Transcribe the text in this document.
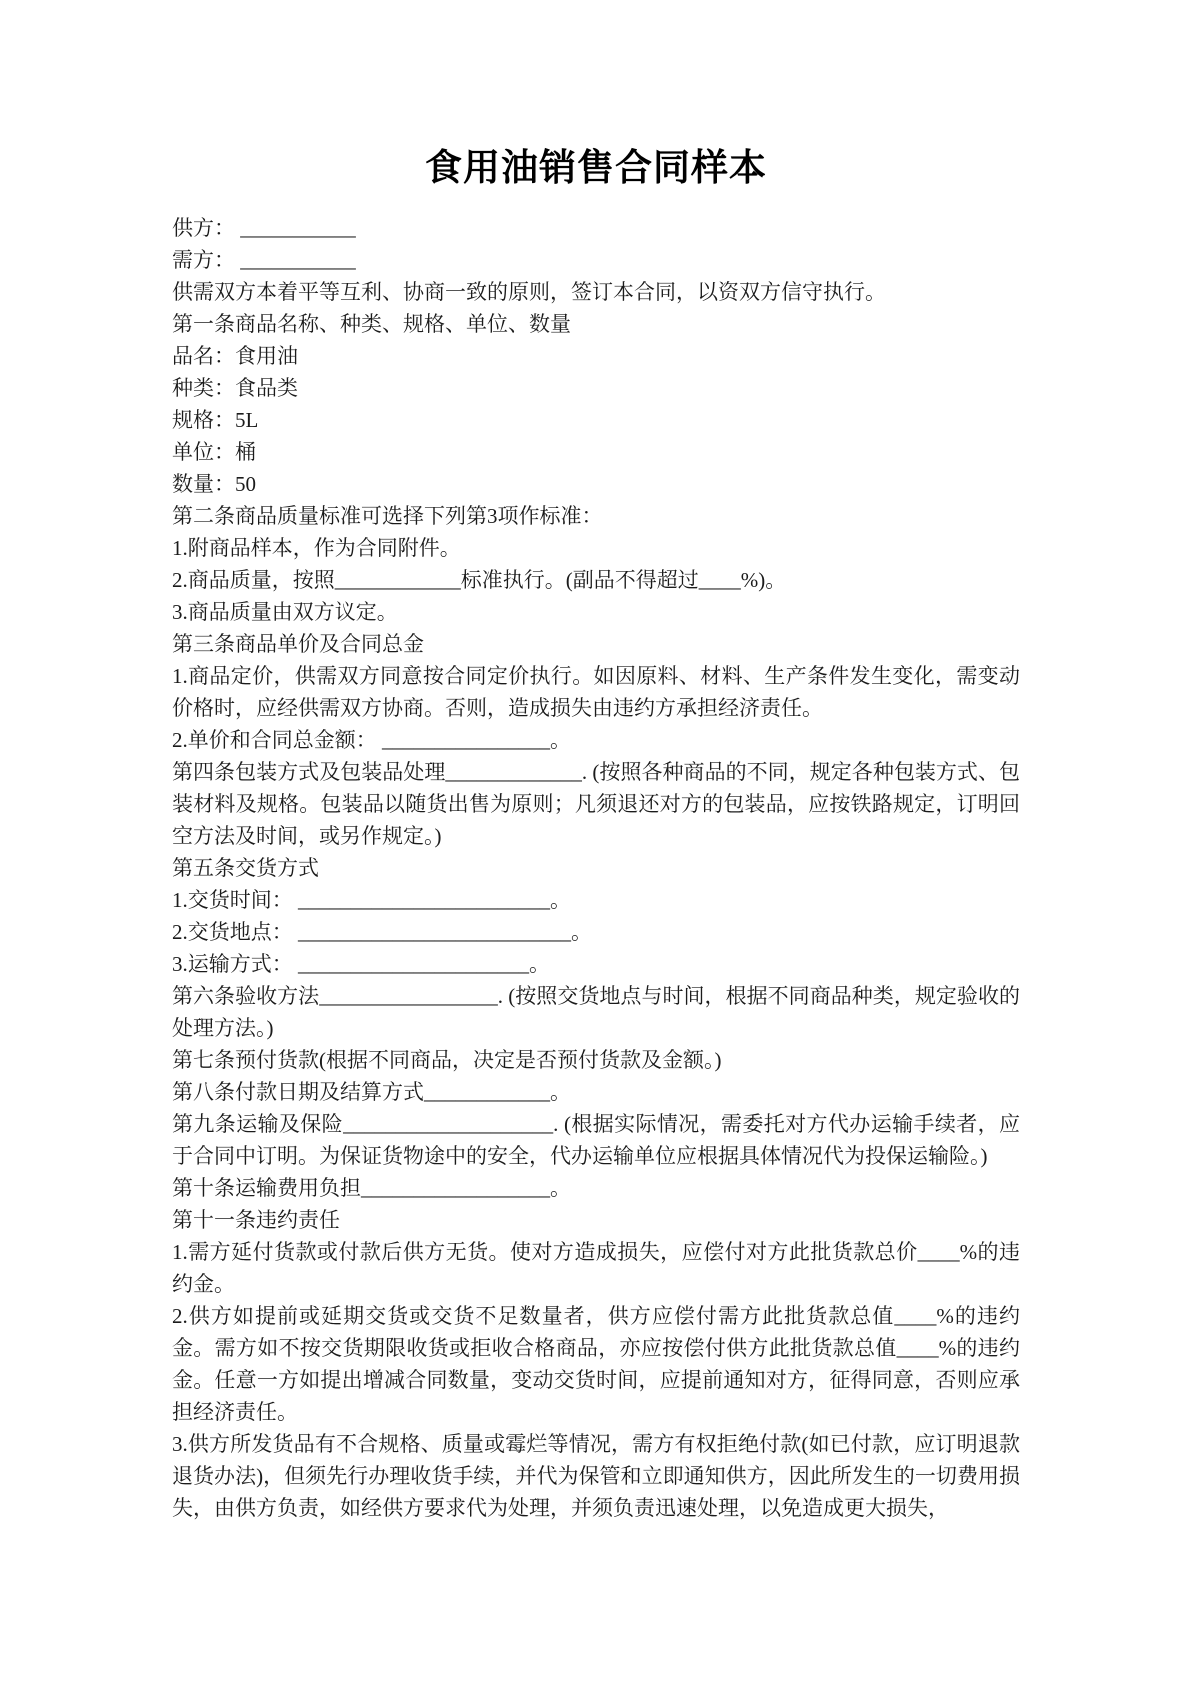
食用油销售合同样本

供方： ___________

需方： ___________

供需双方本着平等互利、协商一致的原则，签订本合同，以资双方信守执行。

第一条商品名称、种类、规格、单位、数量

品名：食用油

种类：食品类

规格：5L

单位：桶

数量：50

第二条商品质量标准可选择下列第3项作标准：

1.附商品样本，作为合同附件。

2.商品质量，按照____________标准执行。(副品不得超过____%)。

3.商品质量由双方议定。

第三条商品单价及合同总金

1.商品定价，供需双方同意按合同定价执行。如因原料、材料、生产条件发生变化，需变动价格时，应经供需双方协商。否则，造成损失由违约方承担经济责任。

2.单价和合同总金额： ________________。

第四条包装方式及包装品处理_____________. (按照各种商品的不同，规定各种包装方式、包装材料及规格。包装品以随货出售为原则；凡须退还对方的包装品，应按铁路规定，订明回空方法及时间，或另作规定。)

第五条交货方式

1.交货时间： ________________________。

2.交货地点： __________________________。

3.运输方式： ______________________。

第六条验收方法_________________. (按照交货地点与时间，根据不同商品种类，规定验收的处理方法。)

第七条预付货款(根据不同商品，决定是否预付货款及金额。)

第八条付款日期及结算方式____________。

第九条运输及保险____________________. (根据实际情况，需委托对方代办运输手续者，应于合同中订明。为保证货物途中的安全，代办运输单位应根据具体情况代为投保运输险。)

第十条运输费用负担__________________。

第十一条违约责任

1.需方延付货款或付款后供方无货。使对方造成损失，应偿付对方此批货款总价____%的违约金。

2.供方如提前或延期交货或交货不足数量者，供方应偿付需方此批货款总值____%的违约金。需方如不按交货期限收货或拒收合格商品，亦应按偿付供方此批货款总值____%的违约金。任意一方如提出增减合同数量，变动交货时间，应提前通知对方，征得同意，否则应承担经济责任。

3.供方所发货品有不合规格、质量或霉烂等情况，需方有权拒绝付款(如已付款，应订明退款退货办法)，但须先行办理收货手续，并代为保管和立即通知供方，因此所发生的一切费用损失，由供方负责，如经供方要求代为处理，并须负责迅速处理，以免造成更大损失，
